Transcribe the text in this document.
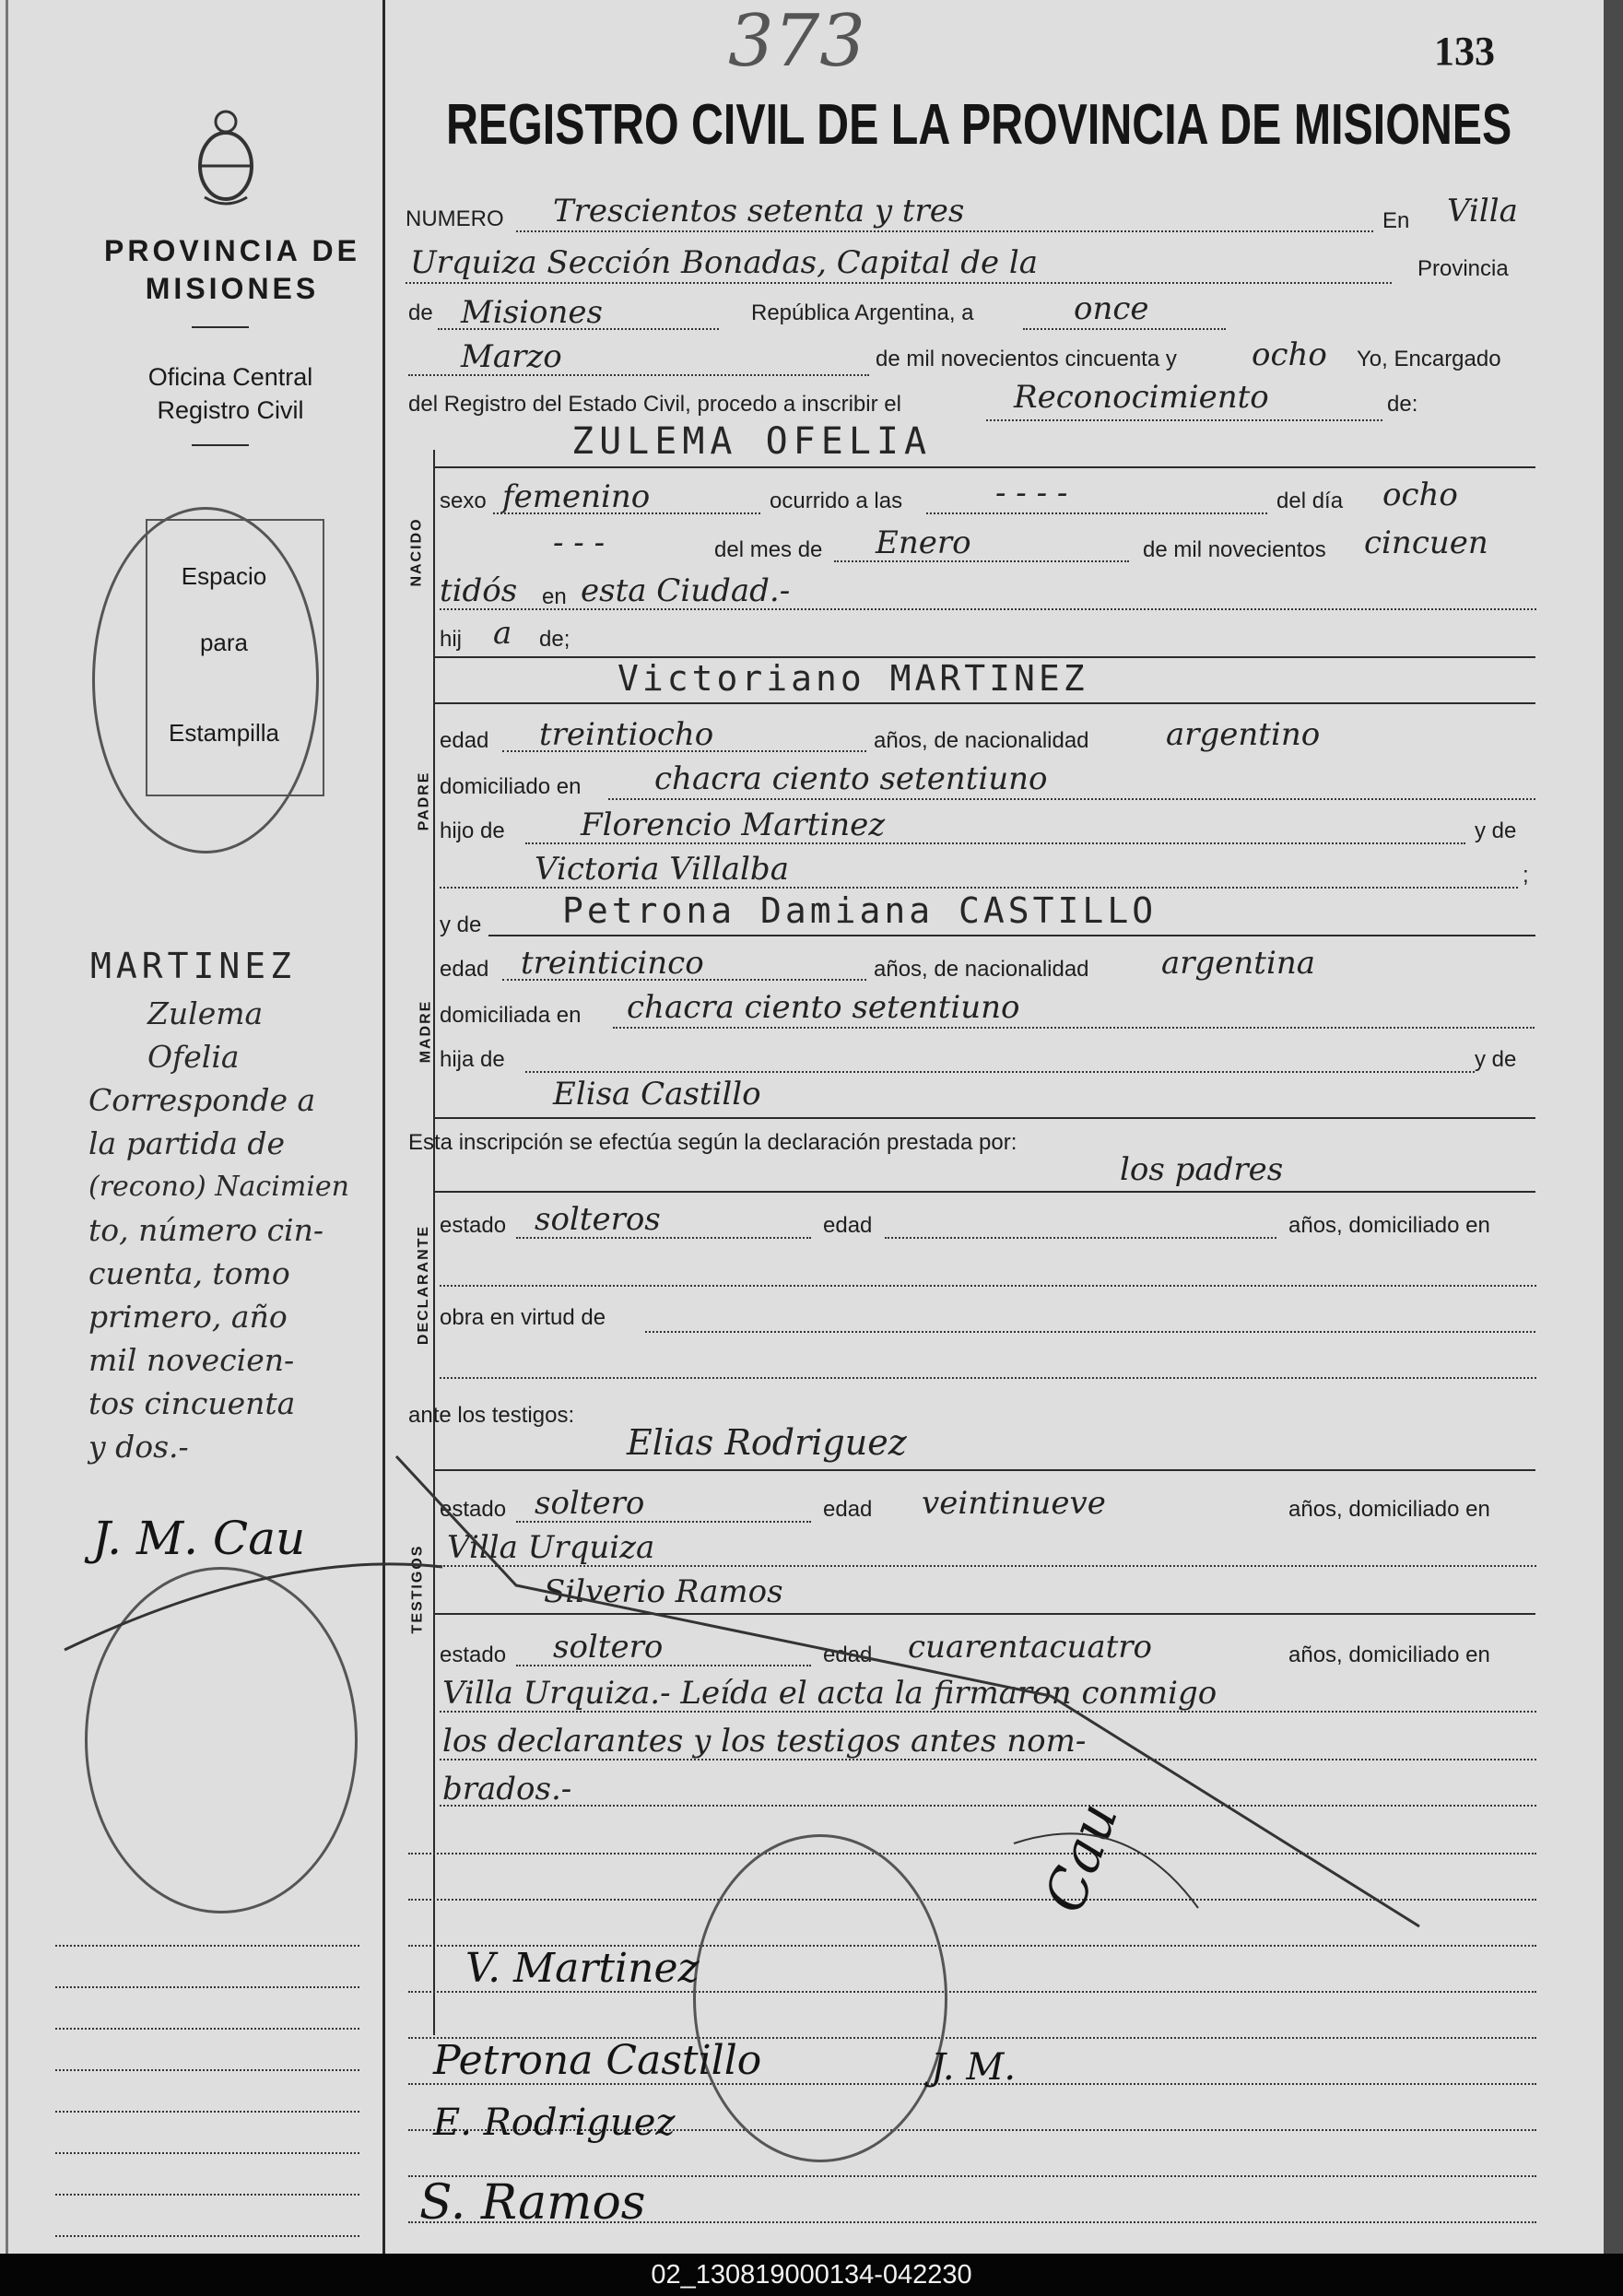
373	133
REGISTRO CIVIL DE LA PROVINCIA DE MISIONES
PROVINCIA DE
MISIONES
Oficina Central
Registro Civil
Espacio
para
Estampilla
MARTINEZ
Zulema
Ofelia
Corresponde a
la partida de
(recono) Nacimien
to, número cin-
cuenta, tomo
primero, año
mil novecien-
tos cincuenta
y dos.-
J. M. Cau
NUMERO Trescientos setenta y tres	En Villa
Urquiza Sección Bonadas, Capital de la	Provincia
de Misiones	República Argentina, a	once
Marzo	de mil novecientos cincuenta y ocho Yo, Encargado
del Registro del Estado Civil, procedo a inscribir el	Reconocimiento	de:
ZULEMA OFELIA
NACIDO
sexo femenino	ocurrido a las	- - - -	del día ocho
- - -	del mes de Enero	de mil novecientos cincuen
tidós en esta Ciudad.-
hij a de;
PADRE
Victoriano MARTINEZ
edad treintiocho	años, de nacionalidad argentino
domiciliado en chacra ciento setentiuno
hijo de Florencio Martinez	y de
Victoria Villalba	;
MADRE
y de Petrona Damiana CASTILLO
edad treinticinco	años, de nacionalidad argentina
domiciliada en chacra ciento setentiuno
hija de	y de
Elisa Castillo
Esta inscripción se efectúa según la declaración prestada por:
los padres
DECLARANTE estado solteros	edad	años, domiciliado en
obra en virtud de
ante los testigos:
TESTIGOS
Elias Rodriguez
estado soltero	edad veintinueve	años, domiciliado en
Villa Urquiza
Silverio Ramos
estado soltero	edad cuarentacuatro	años, domiciliado en
Villa Urquiza.- Leída el acta la firmaron conmigo
los declarantes y los testigos antes nom-
brados.-
V. Martinez
Petrona Castillo
E. Rodriguez
S. Ramos
Cau
J. M.
02_130819000134-042230
